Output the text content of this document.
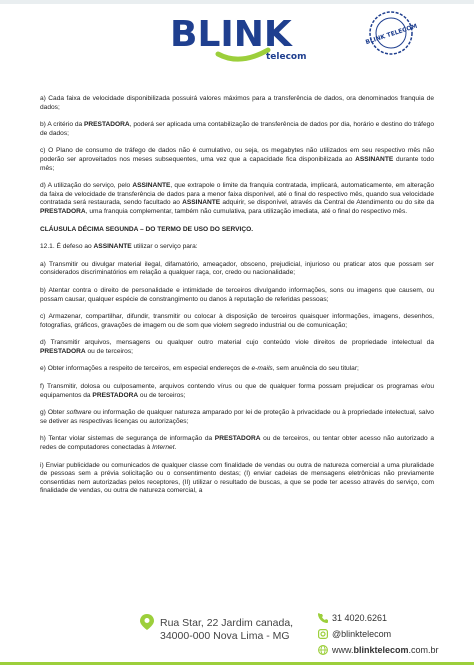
BLINK
telecom
BLINK TELECOM

a) Cada faixa de velocidade disponibilizada possuirá valores máximos para a transferência de dados, ora denominados franquia de dados;

b) A critério da PRESTADORA, poderá ser aplicada uma contabilização de transferência de dados por dia, horário e destino do tráfego de dados;

c) O Plano de consumo de tráfego de dados não é cumulativo, ou seja, os megabytes não utilizados em seu respectivo mês não poderão ser aproveitados nos meses subsequentes, uma vez que a capacidade fica disponibilizada ao ASSINANTE durante todo mês;

d) A utilização do serviço, pelo ASSINANTE, que extrapole o limite da franquia contratada, implicará, automaticamente, em alteração da faixa de velocidade de transferência de dados para a menor faixa disponível, até o final do respectivo mês, quando sua velocidade contratada será restaurada, sendo facultado ao ASSINANTE adquirir, se disponível, através da Central de Atendimento ou do site da PRESTADORA, uma franquia complementar, também não cumulativa, para utilização imediata, até o final do respectivo mês.

CLÁUSULA DÉCIMA SEGUNDA – DO TERMO DE USO DO SERVIÇO.

12.1. É defeso ao ASSINANTE utilizar o serviço para:

a) Transmitir ou divulgar material ilegal, difamatório, ameaçador, obsceno, prejudicial, injurioso ou praticar atos que possam ser considerados discriminatórios em relação a qualquer raça, cor, credo ou nacionalidade;

b) Atentar contra o direito de personalidade e intimidade de terceiros divulgando informações, sons ou imagens que causem, ou possam causar, qualquer espécie de constrangimento ou danos à reputação de referidas pessoas;

c) Armazenar, compartilhar, difundir, transmitir ou colocar à disposição de terceiros quaisquer informações, imagens, desenhos, fotografias, gráficos, gravações de imagem ou de som que violem segredo industrial ou de comunicação;

d) Transmitir arquivos, mensagens ou qualquer outro material cujo conteúdo viole direitos de propriedade intelectual da PRESTADORA ou de terceiros;

e) Obter informações a respeito de terceiros, em especial endereços de e-mails, sem anuência do seu titular;

f) Transmitir, dolosa ou culposamente, arquivos contendo vírus ou que de qualquer forma possam prejudicar os programas e/ou equipamentos da PRESTADORA ou de terceiros;

g) Obter software ou informação de qualquer natureza amparado por lei de proteção à privacidade ou à propriedade intelectual, salvo se detiver as respectivas licenças ou autorizações;

h) Tentar violar sistemas de segurança de informação da PRESTADORA ou de terceiros, ou tentar obter acesso não autorizado a redes de computadores conectadas à Internet.

i) Enviar publicidade ou comunicados de qualquer classe com finalidade de vendas ou outra de natureza comercial a uma pluralidade de pessoas sem a prévia solicitação ou o consentimento destas; (I) enviar cadeias de mensagens eletrônicas não previamente consentidas nem autorizadas pelos receptores, (II) utilizar o resultado de buscas, a que se pode ter acesso através do serviço, com finalidade de vendas, ou outra de natureza comercial, a

Rua Star, 22 Jardim canada,
34000-000 Nova Lima - MG
31 4020.6261
@blinktelecom
www.blinktelecom.com.br
